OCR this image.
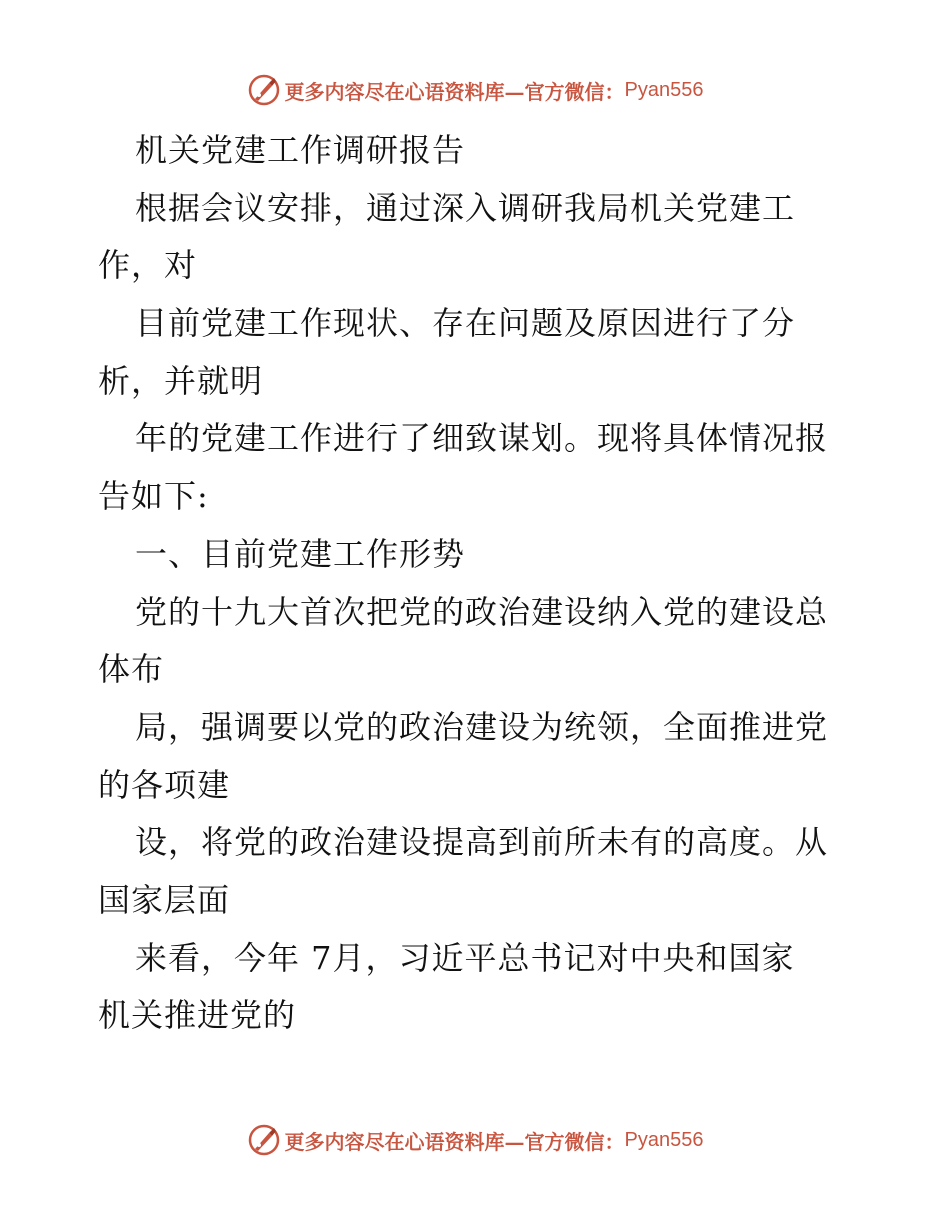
更多内容尽在心语资料库—官方微信： Pyan556
机关党建工作调研报告
根据会议安排，通过深入调研我局机关党建工
作，对
目前党建工作现状、存在问题及原因进行了分
析，并就明
年的党建工作进行了细致谋划。现将具体情况报
告如下:
一、目前党建工作形势
党的十九大首次把党的政治建设纳入党的建设总
体布
局，强调要以党的政治建设为统领，全面推进党
的各项建
设，将党的政治建设提高到前所未有的高度。从
国家层面
来看，今年 7月，习近平总书记对中央和国家
机关推进党的
更多内容尽在心语资料库—官方微信： Pyan556
